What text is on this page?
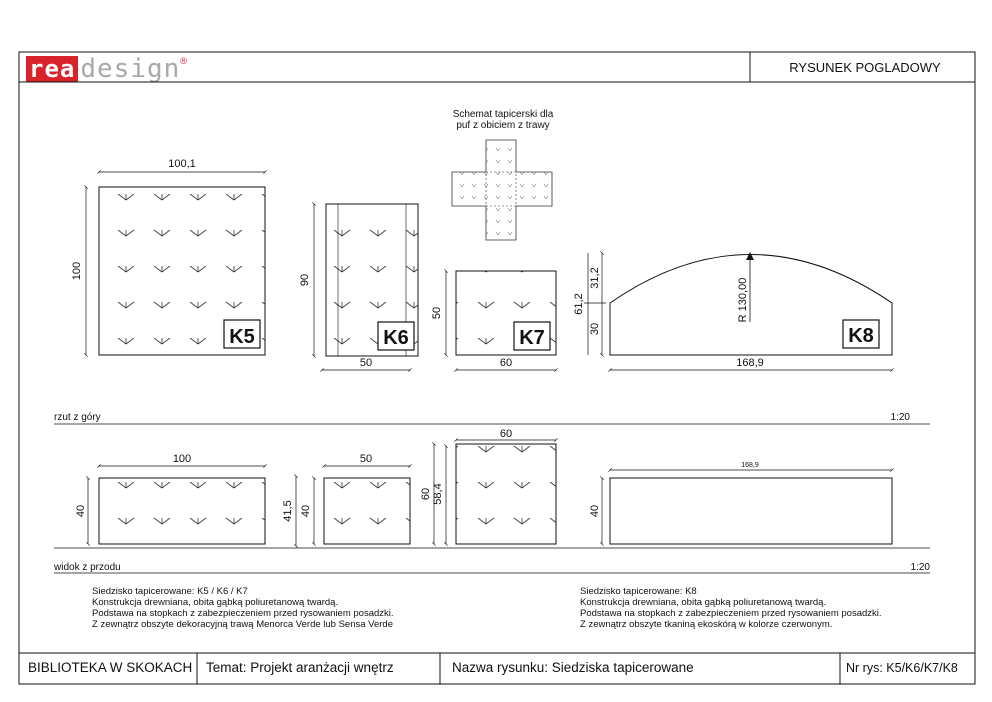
rea design ®	RYSUNEK POGLADOWY
Schemat tapicerski dla
puf z obiciem z trawy
100,1
100
K5
90
50
K6
50
60
K7
61,2
31,2
30
R 130,00
168,9
K8
rzut z góry	1:20
100
40
50
40
41,5
60
60 58,4
168,9
40
widok z przodu	1:20
Siedzisko tapicerowane: K5 / K6 / K7
Konstrukcja drewniana, obita gąbką poliuretanową twardą.
Podstawa na stopkach z zabezpieczeniem przed rysowaniem posadzki.
Z zewnątrz obszyte dekoracyjną trawą Menorca Verde lub Sensa Verde
Siedzisko tapicerowane: K8
Konstrukcja drewniana, obita gąbką poliuretanową twardą.
Podstawa na stopkach z zabezpieczeniem przed rysowaniem posadzki.
Z zewnątrz obszyte tkaniną ekoskórą w kolorze czerwonym.
BIBLIOTEKA W SKOKACH Temat: Projekt aranżacji wnętrz	Nazwa rysunku: Siedziska tapicerowane	Nr rys: K5/K6/K7/K8
